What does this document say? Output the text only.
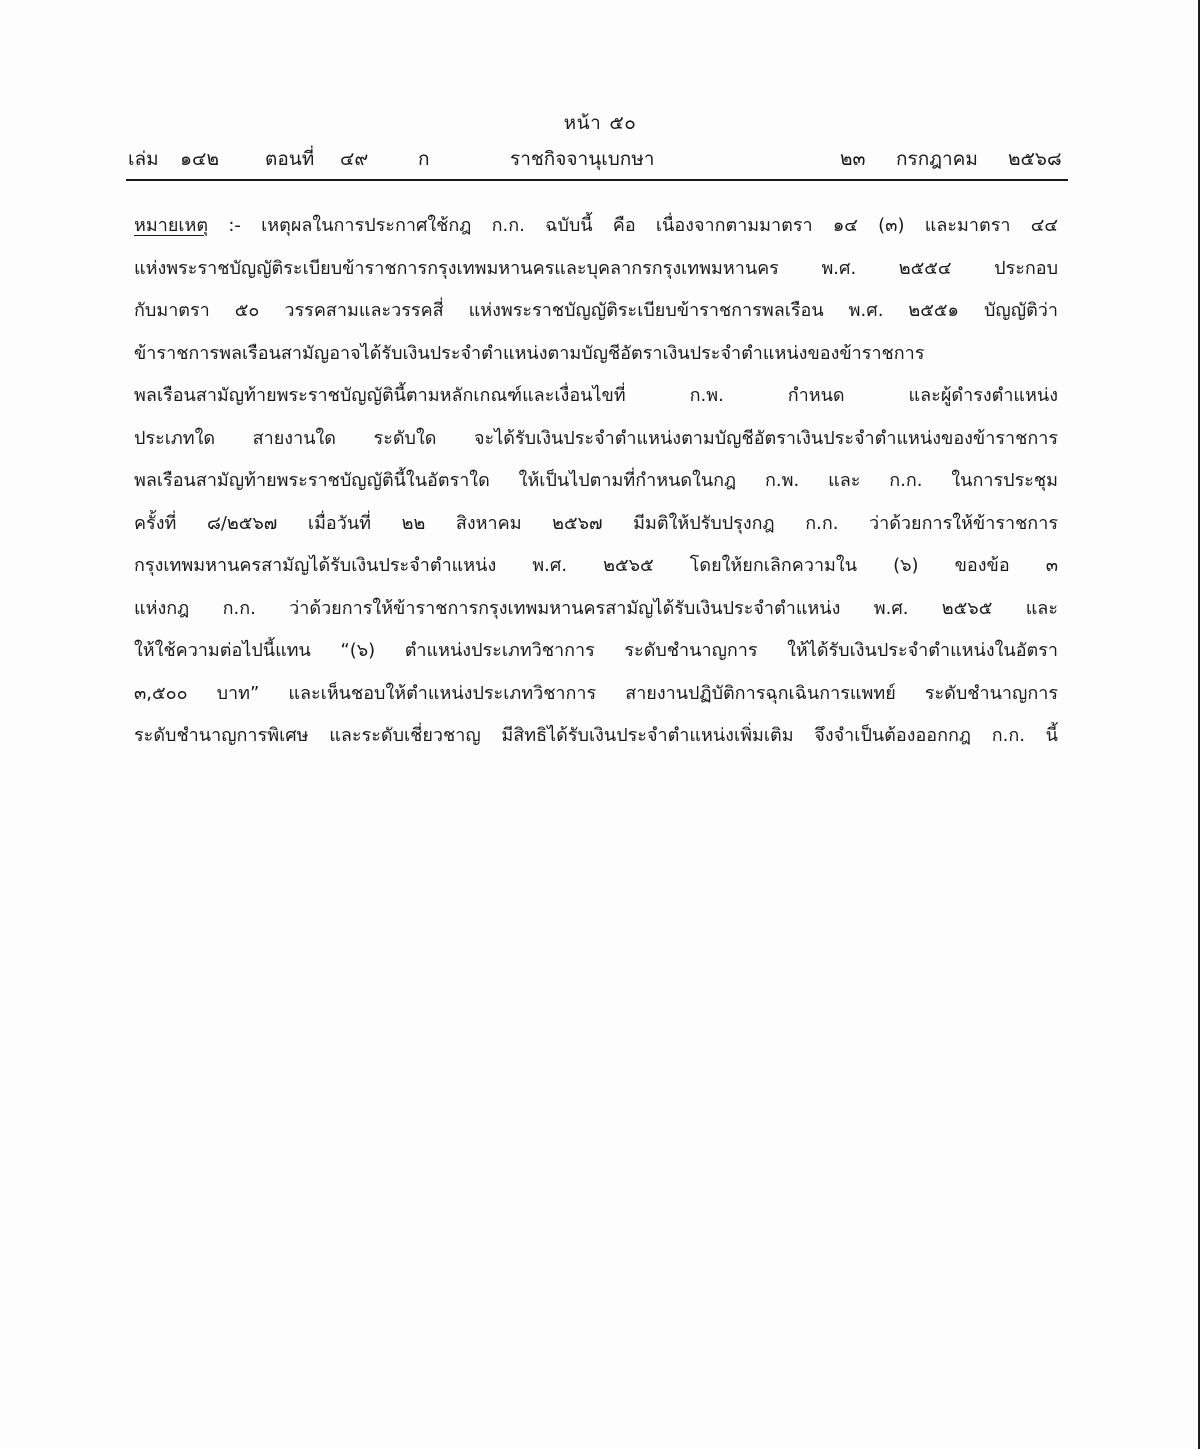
หน้า ๕๐
เล่ม ๑๔๒ ตอนที่ ๔๙	ก	ราชกิจจานุเบกษา	๒๓ กรกฎาคม ๒๕๖๘
หมายเหตุ :- เหตุผลในการประกาศใช้กฎ ก.ก. ฉบับนี้ คือ เนื่องจากตามมาตรา ๑๔ (๓) และมาตรา ๔๔
แห่งพระราชบัญญัติระเบียบข้าราชการกรุงเทพมหานครและบุคลากรกรุงเทพมหานคร พ.ศ. ๒๕๕๔ ประกอบ
กับมาตรา ๕๐ วรรคสามและวรรคสี่ แห่งพระราชบัญญัติระเบียบข้าราชการพลเรือน พ.ศ. ๒๕๕๑ บัญญัติว่า
ข้าราชการพลเรือนสามัญอาจได้รับเงินประจำตำแหน่งตามบัญชีอัตราเงินประจำตำแหน่งของข้าราชการ
พลเรือนสามัญท้ายพระราชบัญญัตินี้ตามหลักเกณฑ์และเงื่อนไขที่ ก.พ. กำหนด และผู้ดำรงตำแหน่ง
ประเภทใด สายงานใด ระดับใด จะได้รับเงินประจำตำแหน่งตามบัญชีอัตราเงินประจำตำแหน่งของข้าราชการ
พลเรือนสามัญท้ายพระราชบัญญัตินี้ในอัตราใด ให้เป็นไปตามที่กำหนดในกฎ ก.พ. และ ก.ก. ในการประชุม
ครั้งที่ ๘/๒๕๖๗ เมื่อวันที่ ๒๒ สิงหาคม ๒๕๖๗ มีมติให้ปรับปรุงกฎ ก.ก. ว่าด้วยการให้ข้าราชการ
กรุงเทพมหานครสามัญได้รับเงินประจำตำแหน่ง พ.ศ. ๒๕๖๕ โดยให้ยกเลิกความใน (๖) ของข้อ ๓
แห่งกฎ ก.ก. ว่าด้วยการให้ข้าราชการกรุงเทพมหานครสามัญได้รับเงินประจำตำแหน่ง พ.ศ. ๒๕๖๕ และ
ให้ใช้ความต่อไปนี้แทน “(๖) ตำแหน่งประเภทวิชาการ ระดับชำนาญการ ให้ได้รับเงินประจำตำแหน่งในอัตรา
๓,๕๐๐ บาท” และเห็นชอบให้ตำแหน่งประเภทวิชาการ สายงานปฏิบัติการฉุกเฉินการแพทย์ ระดับชำนาญการ
ระดับชำนาญการพิเศษ และระดับเชี่ยวชาญ มีสิทธิได้รับเงินประจำตำแหน่งเพิ่มเติม จึงจำเป็นต้องออกกฎ ก.ก. นี้
